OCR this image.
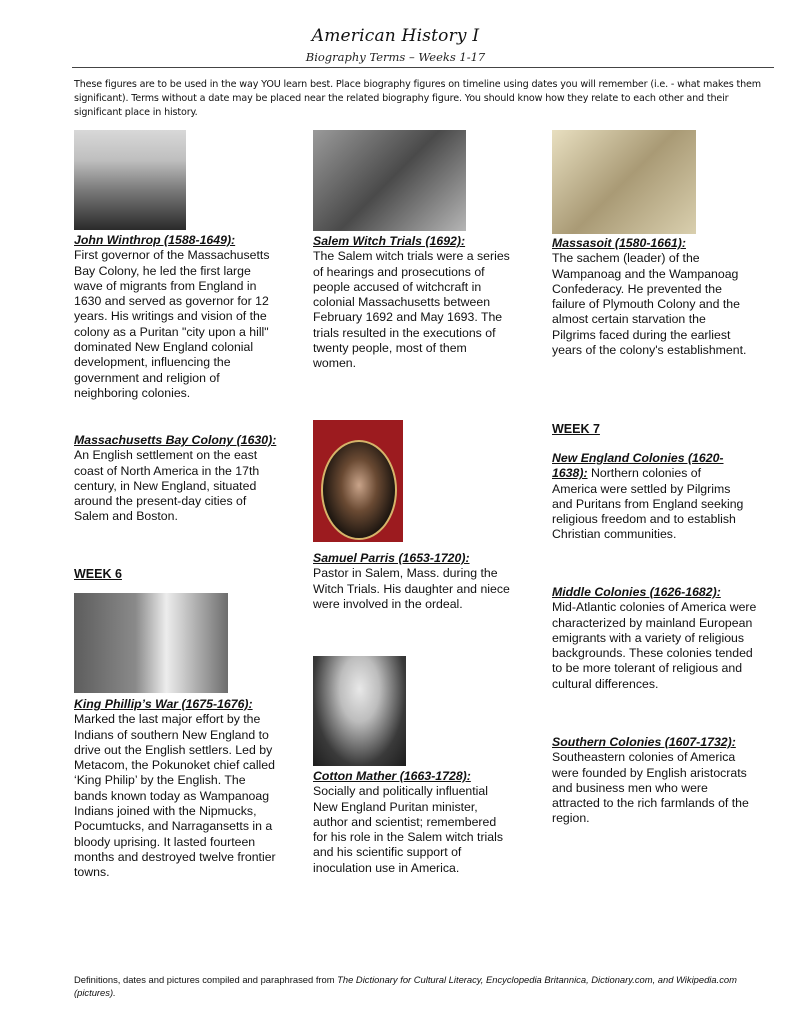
American History I
Biography Terms – Weeks 1-17
These figures are to be used in the way YOU learn best. Place biography figures on timeline using dates you will remember (i.e. - what makes them significant). Terms without a date may be placed near the related biography figure. You should know how they relate to each other and their significant place in history.
John Winthrop (1588-1649):
First governor of the Massachusetts Bay Colony, he led the first large wave of migrants from England in 1630 and served as governor for 12 years. His writings and vision of the colony as a Puritan "city upon a hill" dominated New England colonial development, influencing the government and religion of neighboring colonies.
Massachusetts Bay Colony (1630): An English settlement on the east coast of North America in the 17th century, in New England, situated around the present-day cities of Salem and Boston.
WEEK 6
King Phillip’s War (1675-1676):
Marked the last major effort by the Indians of southern New England to drive out the English settlers. Led by Metacom, the Pokunoket chief called ‘King Philip’ by the English. The bands known today as Wampanoag Indians joined with the Nipmucks, Pocumtucks, and Narragansetts in a bloody uprising. It lasted fourteen months and destroyed twelve frontier towns.
Salem Witch Trials (1692):
The Salem witch trials were a series of hearings and prosecutions of people accused of witchcraft in colonial Massachusetts between February 1692 and May 1693. The trials resulted in the executions of twenty people, most of them women.
Samuel Parris (1653-1720):
Pastor in Salem, Mass. during the Witch Trials. His daughter and niece were involved in the ordeal.
Cotton Mather (1663-1728):
Socially and politically influential New England Puritan minister, author and scientist; remembered for his role in the Salem witch trials and his scientific support of inoculation use in America.
Massasoit (1580-1661):
The sachem (leader) of the Wampanoag and the Wampanoag Confederacy. He prevented the failure of Plymouth Colony and the almost certain starvation the Pilgrims faced during the earliest years of the colony's establishment.
WEEK 7
New England Colonies (1620-1638): Northern colonies of America were settled by Pilgrims and Puritans from England seeking religious freedom and to establish Christian communities.
Middle Colonies (1626-1682):
Mid-Atlantic colonies of America were characterized by mainland European emigrants with a variety of religious backgrounds. These colonies tended to be more tolerant of religious and cultural differences.
Southern Colonies (1607-1732):
Southeastern colonies of America were founded by English aristocrats and business men who were attracted to the rich farmlands of the region.
Definitions, dates and pictures compiled and paraphrased from The Dictionary for Cultural Literacy, Encyclopedia Britannica, Dictionary.com, and Wikipedia.com (pictures).
